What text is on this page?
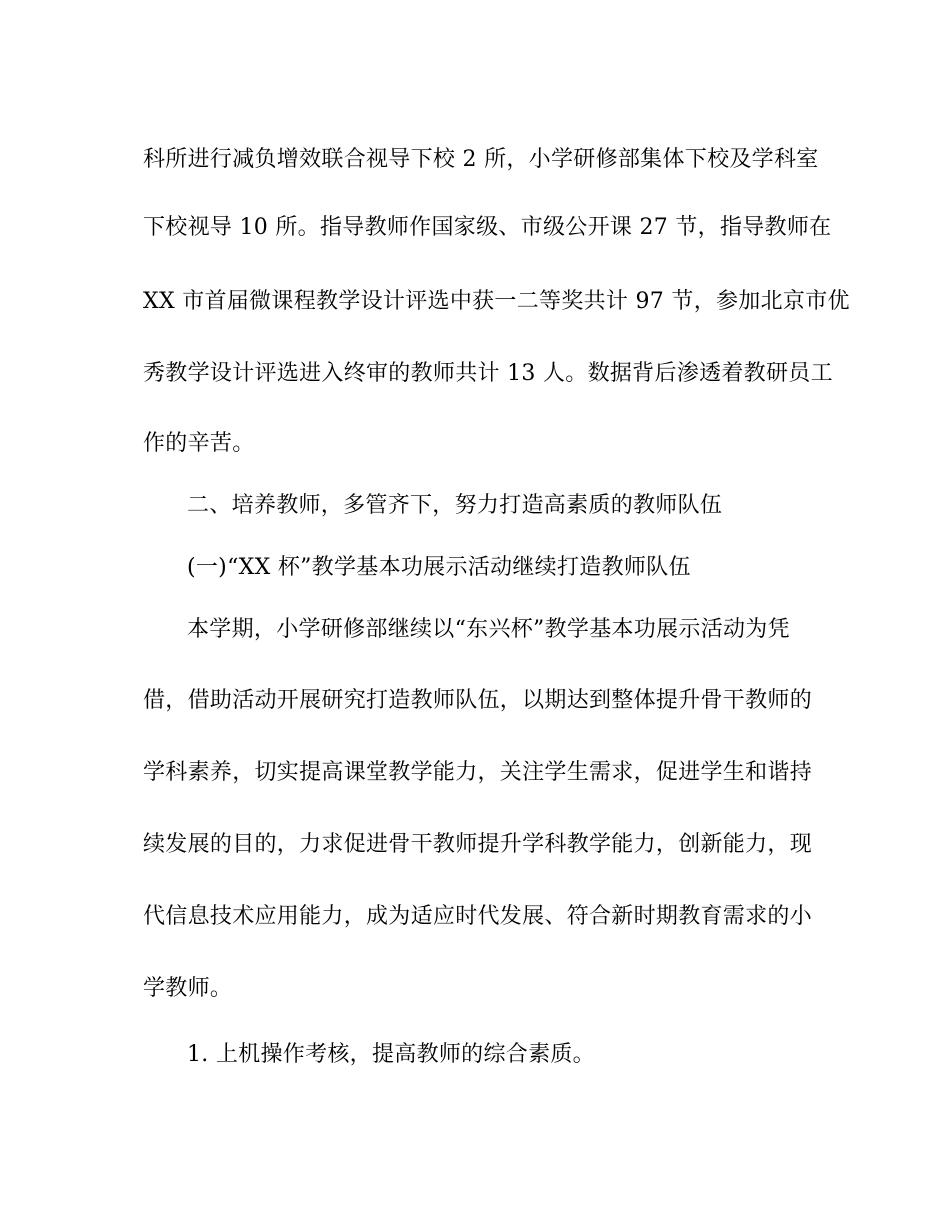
科所进行减负增效联合视导下校 2 所，小学研修部集体下校及学科室
下校视导 10 所。指导教师作国家级、市级公开课 27 节，指导教师在
XX 市首届微课程教学设计评选中获一二等奖共计 97 节，参加北京市优
秀教学设计评选进入终审的教师共计 13 人。数据背后渗透着教研员工
作的辛苦。
二、培养教师，多管齐下，努力打造高素质的教师队伍
(一)“XX 杯”教学基本功展示活动继续打造教师队伍
本学期，小学研修部继续以“东兴杯”教学基本功展示活动为凭
借，借助活动开展研究打造教师队伍，以期达到整体提升骨干教师的
学科素养，切实提高课堂教学能力，关注学生需求，促进学生和谐持
续发展的目的，力求促进骨干教师提升学科教学能力，创新能力，现
代信息技术应用能力，成为适应时代发展、符合新时期教育需求的小
学教师。
1. 上机操作考核，提高教师的综合素质。
